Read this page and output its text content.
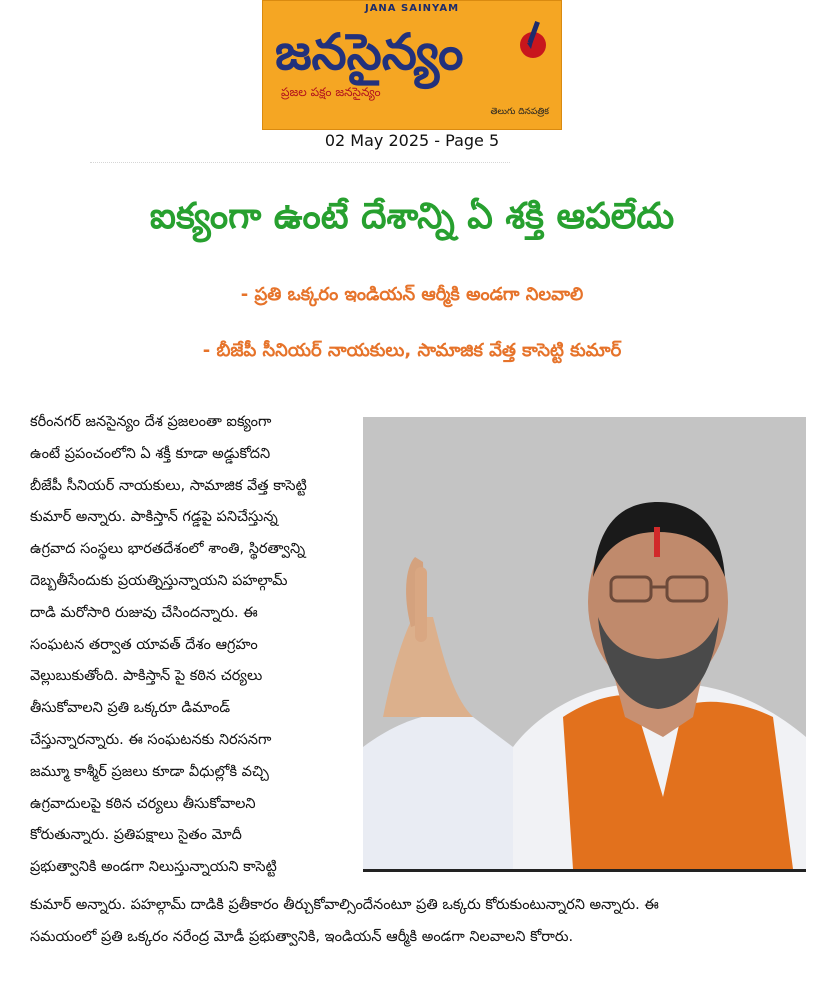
JANA SAINYAM
జనసైన్యం
ప్రజల పక్షం జనసైన్యం
తెలుగు దినపత్రిక
02 May 2025 - Page 5
ఐక్యంగా ఉంటే దేశాన్ని ఏ శక్తి ఆపలేదు
- ప్రతి ఒక్కరం ఇండియన్ ఆర్మీకి అండగా నిలవాలి
- బీజేపీ సీనియర్ నాయకులు, సామాజిక వేత్త కాసెట్టి కుమార్
కరీంనగర్ జనసైన్యం దేశ ప్రజలంతా ఐక్యంగా
ఉంటే ప్రపంచంలోని ఏ శక్తీ కూడా అడ్డుకోదని
బీజేపీ సీనియర్ నాయకులు, సామాజిక వేత్త కాసెట్టి
కుమార్ అన్నారు. పాకిస్తాన్ గడ్డపై పనిచేస్తున్న
ఉగ్రవాద సంస్థలు భారతదేశంలో శాంతి, స్థిరత్వాన్ని
దెబ్బతీసేందుకు ప్రయత్నిస్తున్నాయని పహల్గామ్
దాడి మరోసారి రుజువు చేసిందన్నారు. ఈ
సంఘటన తర్వాత యావత్ దేశం ఆగ్రహం
వెల్లుబుకుతోంది. పాకిస్తాన్ పై కఠిన చర్యలు
తీసుకోవాలని ప్రతి ఒక్కరూ డిమాండ్
చేస్తున్నారన్నారు. ఈ సంఘటనకు నిరసనగా
జమ్మూ కాశ్మీర్ ప్రజలు కూడా వీధుల్లోకి వచ్చి
ఉగ్రవాదులపై కఠిన చర్యలు తీసుకోవాలని
కోరుతున్నారు. ప్రతిపక్షాలు సైతం మోదీ
ప్రభుత్వానికి అండగా నిలుస్తున్నాయని కాసెట్టి
కుమార్ అన్నారు. పహల్గామ్ దాడికి ప్రతీకారం తీర్చుకోవాల్సిందేనంటూ ప్రతి ఒక్కరు కోరుకుంటున్నారని అన్నారు. ఈ
సమయంలో ప్రతి ఒక్కరం నరేంద్ర మోడీ ప్రభుత్వానికి, ఇండియన్ ఆర్మీకి అండగా నిలవాలని కోరారు.
